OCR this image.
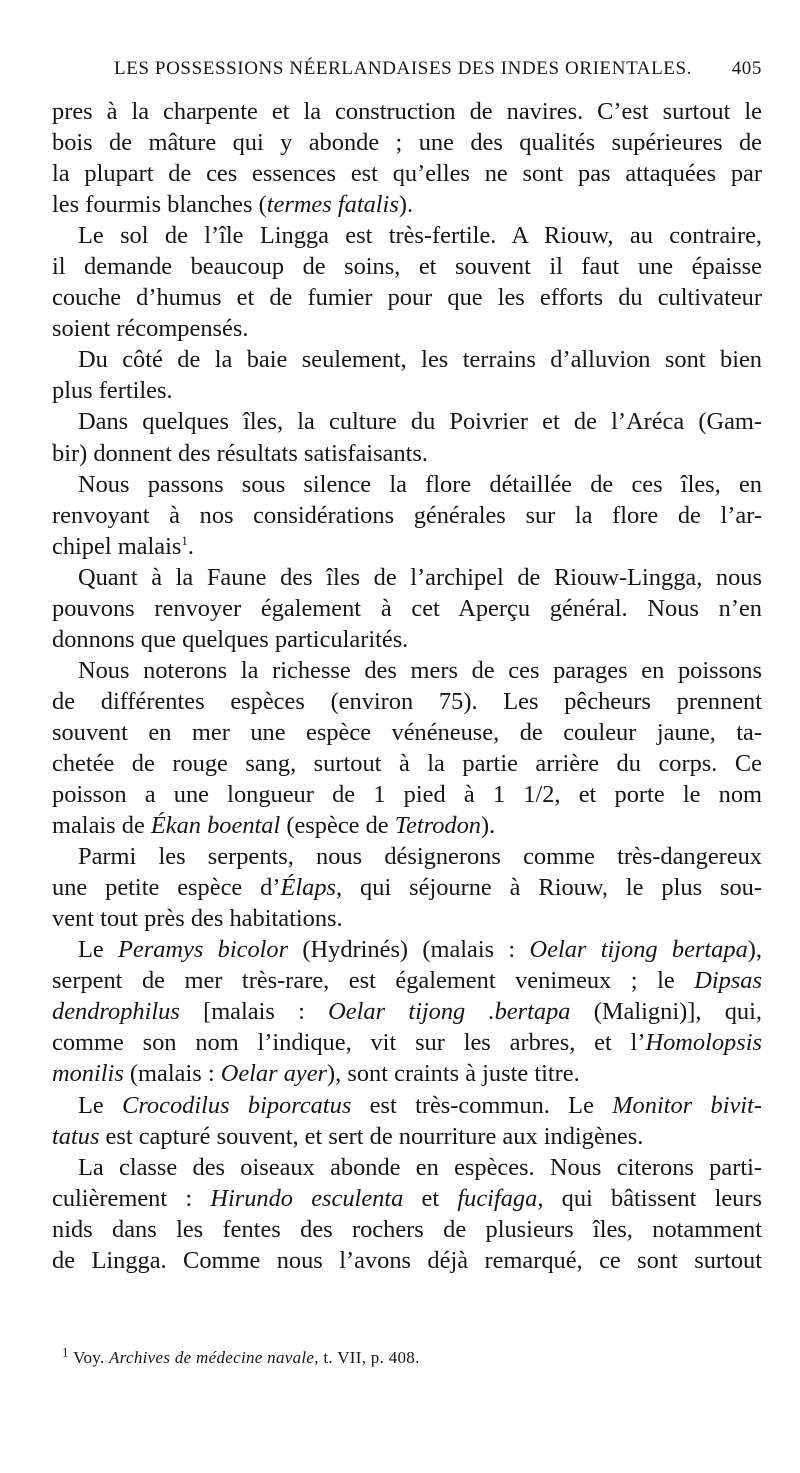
LES POSSESSIONS NÉERLANDAISES DES INDES ORIENTALES. 405
pres à la charpente et la construction de navires. C’est surtout le
bois de mâture qui y abonde ; une des qualités supérieures de
la plupart de ces essences est qu’elles ne sont pas attaquées par
les fourmis blanches (termes fatalis).
Le sol de l’île Lingga est très-fertile. A Riouw, au contraire,
il demande beaucoup de soins, et souvent il faut une épaisse
couche d’humus et de fumier pour que les efforts du cultivateur
soient récompensés.
Du côté de la baie seulement, les terrains d’alluvion sont bien
plus fertiles.
Dans quelques îles, la culture du Poivrier et de l’Aréca (Gam-
bir) donnent des résultats satisfaisants.
Nous passons sous silence la flore détaillée de ces îles, en
renvoyant à nos considérations générales sur la flore de l’ar-
chipel malais$^1$.
Quant à la Faune des îles de l’archipel de Riouw-Lingga, nous
pouvons renvoyer également à cet Aperçu général. Nous n’en
donnons que quelques particularités.
Nous noterons la richesse des mers de ces parages en poissons
de différentes espèces (environ 75). Les pêcheurs prennent
souvent en mer une espèce vénéneuse, de couleur jaune, ta-
chetée de rouge sang, surtout à la partie arrière du corps. Ce
poisson a une longueur de 1 pied à 1 1/2, et porte le nom
malais de Ékan boental (espèce de Tetrodon).
Parmi les serpents, nous désignerons comme très-dangereux
une petite espèce d’Élaps, qui séjourne à Riouw, le plus sou-
vent tout près des habitations.
Le Peramys bicolor (Hydrinés) (malais : Oelar tijong bertapa),
serpent de mer très-rare, est également venimeux ; le Dipsas
dendrophilus [malais : Oelar tijong .bertapa (Maligni)], qui,
comme son nom l’indique, vit sur les arbres, et l’Homolopsis
monilis (malais : Oelar ayer), sont craints à juste titre.
Le Crocodilus biporcatus est très-commun. Le Monitor bivit-
tatus est capturé souvent, et sert de nourriture aux indigènes.
La classe des oiseaux abonde en espèces. Nous citerons parti-
culièrement : Hirundo esculenta et fucifaga, qui bâtissent leurs
nids dans les fentes des rochers de plusieurs îles, notamment
de Lingga. Comme nous l’avons déjà remarqué, ce sont surtout
$^1$ Voy. Archives de médecine navale, t. VII, p. 408.
